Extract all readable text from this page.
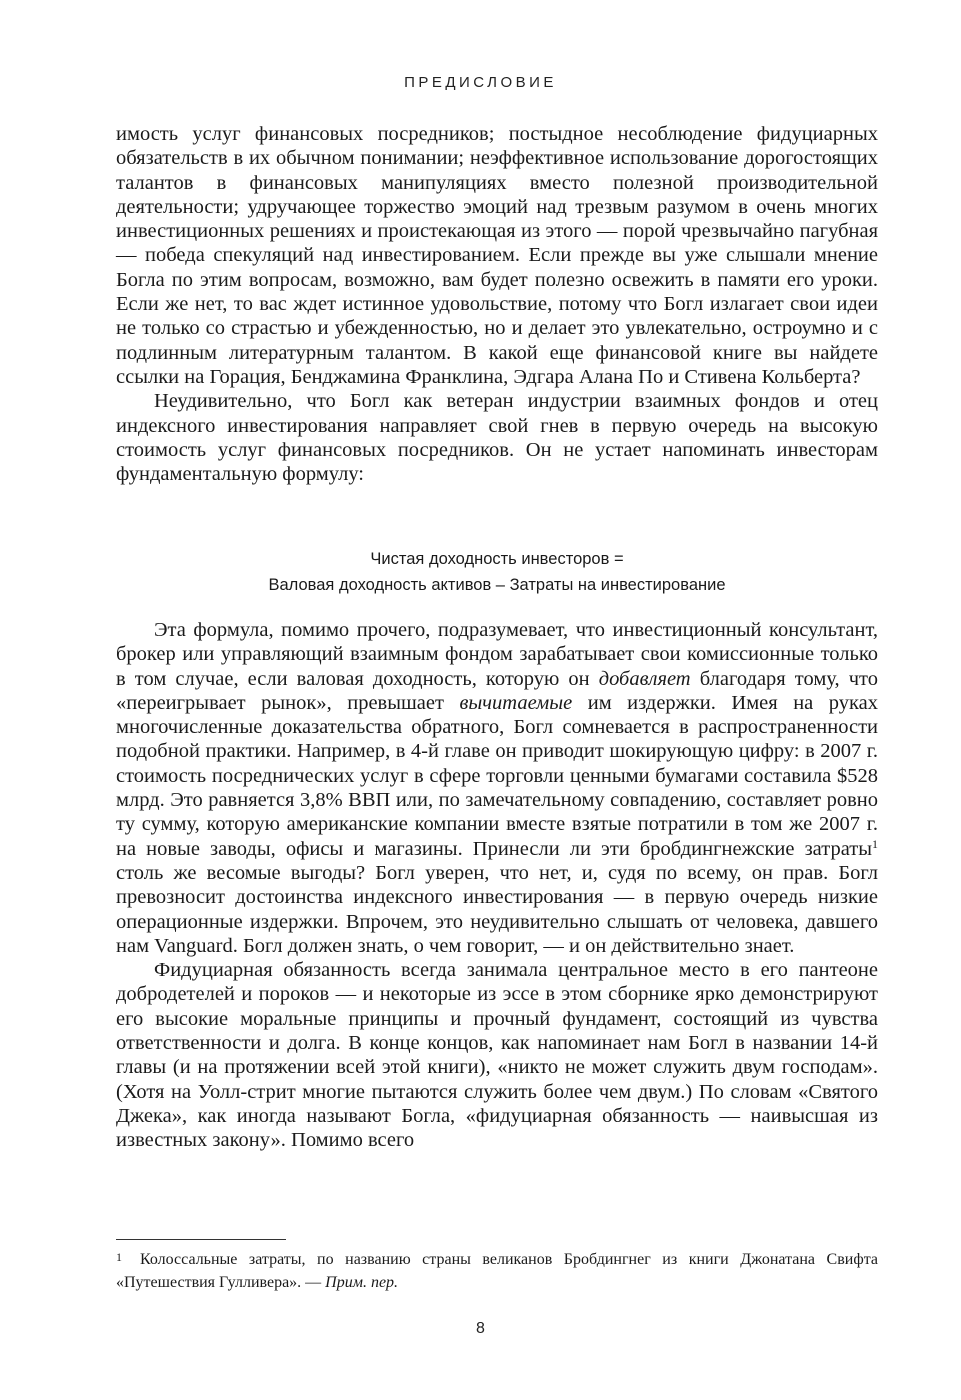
ПРЕДИСЛОВИЕ

имость услуг финансовых посредников; постыдное несоблюдение фидуциарных обязательств в их обычном понимании; неэффективное использование дорогостоящих талантов в финансовых манипуляциях вместо полезной производительной деятельности; удручающее торжество эмоций над трезвым разумом в очень многих инвестиционных решениях и проистекающая из этого — порой чрезвычайно пагубная — победа спекуляций над инвестированием. Если прежде вы уже слышали мнение Богла по этим вопросам, возможно, вам будет полезно освежить в памяти его уроки. Если же нет, то вас ждет истинное удовольствие, потому что Богл излагает свои идеи не только со страстью и убежденностью, но и делает это увлекательно, остроумно и с подлинным литературным талантом. В какой еще финансовой книге вы найдете ссылки на Горация, Бенджамина Франклина, Эдгара Алана По и Стивена Кольберта?

Неудивительно, что Богл как ветеран индустрии взаимных фондов и отец индексного инвестирования направляет свой гнев в первую очередь на высокую стоимость услуг финансовых посредников. Он не устает напоминать инвесторам фундаментальную формулу:

Чистая доходность инвесторов =
Валовая доходность активов – Затраты на инвестирование

Эта формула, помимо прочего, подразумевает, что инвестиционный консультант, брокер или управляющий взаимным фондом зарабатывает свои комиссионные только в том случае, если валовая доходность, которую он добавляет благодаря тому, что «переигрывает рынок», превышает вычитаемые им издержки. Имея на руках многочисленные доказательства обратного, Богл сомневается в распространенности подобной практики. Например, в 4-й главе он приводит шокирующую цифру: в 2007 г. стоимость посреднических услуг в сфере торговли ценными бумагами составила $528 млрд. Это равняется 3,8% ВВП или, по замечательному совпадению, составляет ровно ту сумму, которую американские компании вместе взятые потратили в том же 2007 г. на новые заводы, офисы и магазины. Принесли ли эти бробдингнежские затраты$^1$ столь же весомые выгоды? Богл уверен, что нет, и, судя по всему, он прав. Богл превозносит достоинства индексного инвестирования — в первую очередь низкие операционные издержки. Впрочем, это неудивительно слышать от человека, давшего нам Vanguard. Богл должен знать, о чем говорит, — и он действительно знает.

Фидуциарная обязанность всегда занимала центральное место в его пантеоне добродетелей и пороков — и некоторые из эссе в этом сборнике ярко демонстрируют его высокие моральные принципы и прочный фундамент, состоящий из чувства ответственности и долга. В конце концов, как напоминает нам Богл в названии 14-й главы (и на протяжении всей этой книги), «никто не может служить двум господам». (Хотя на Уолл-стрит многие пытаются служить более чем двум.) По словам «Святого Джека», как иногда называют Богла, «фидуциарная обязанность — наивысшая из известных закону». Помимо всего

1 Колоссальные затраты, по названию страны великанов Бробдингнег из книги Джонатана Свифта «Путешествия Гулливера». — Прим. пер.
8
